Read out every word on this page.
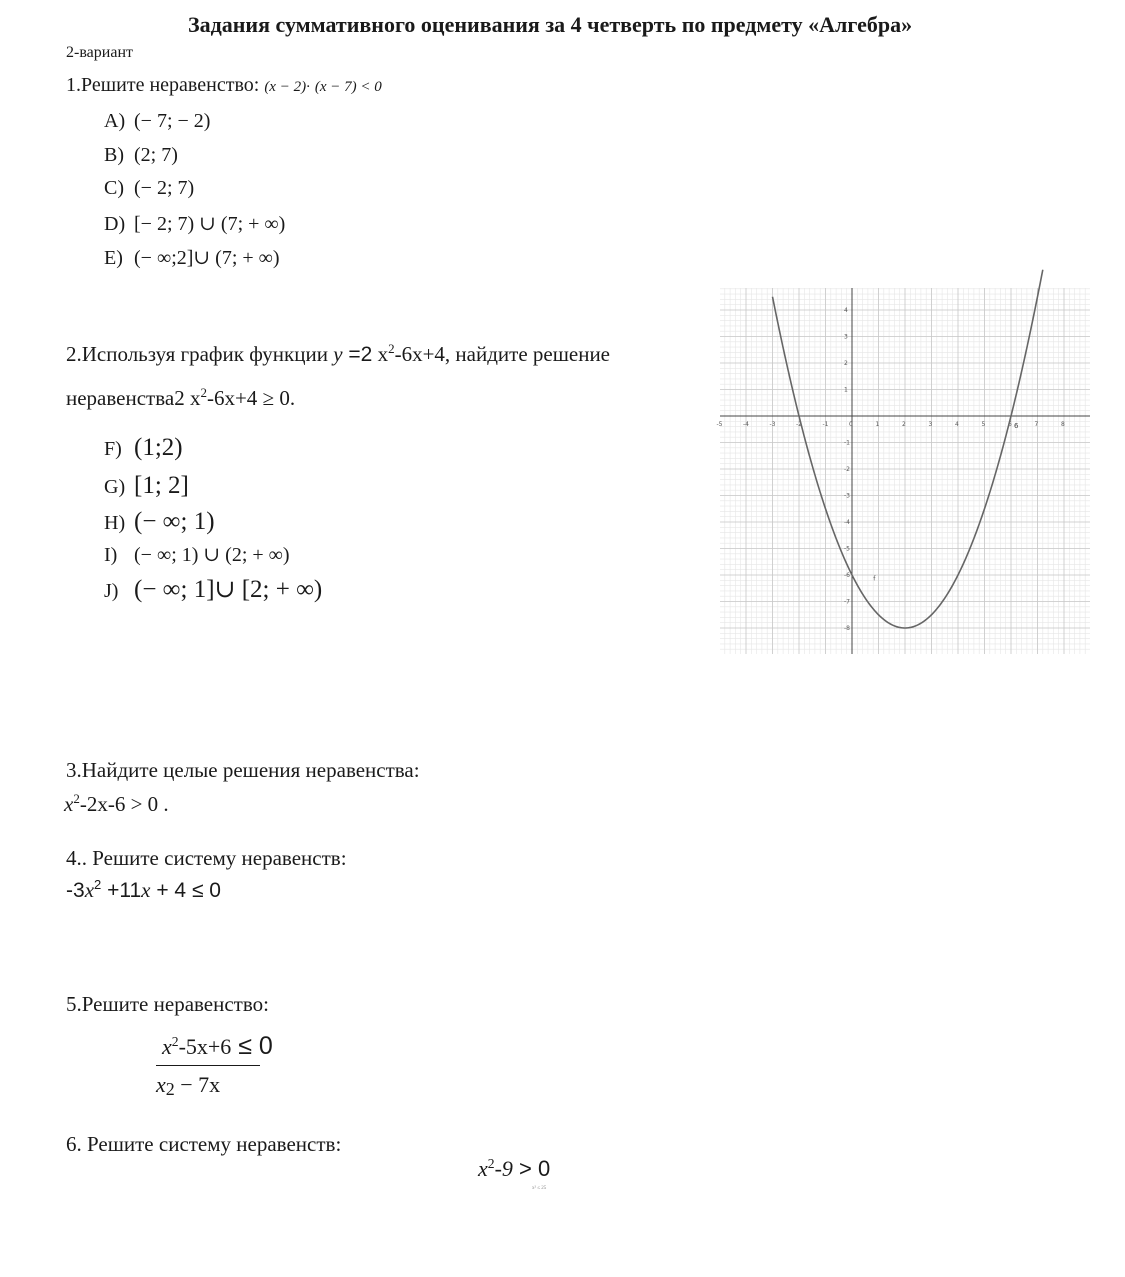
Задания суммативного оценивания за 4 четверть по предмету «Алгебра»
2-вариант
1.Решите неравенство: (x − 2)· (x − 7) < 0
A) (− 7; − 2)
B) (2; 7)
C) (− 2; 7)
D) [− 2; 7) ∪ (7; + ∞)
E) (− ∞;2]∪ (7; + ∞)
2.Используя график функции y =2 $x^2-6x+4$, найдите решение
неравенства2 $x^2-6x+4 \ge 0$.
F) (1;2)
G) [1; 2]
H) (− ∞; 1)
I) (− ∞; 1) ∪ (2; + ∞)
J) (− ∞; 1]∪ [2; + ∞)
-5	-4	-3	-2	-1	0	1	2	3	4	5	6	7	8
4
3
2
1
-1
-2
-3
-4
-5
-6
-7
-8
6
f
3.Найдите целые решения неравенства:
$x^2-2x-6 > 0$ .
4.. Решите систему неравенств:
$-3x^2 +11x + 4 \le 0$
5.Решите неравенство:
$x^2-5x+6 \le 0$
x2 − 7x
6. Решите систему неравенств:
$x^2-9 > 0$
x² ≤ 25
